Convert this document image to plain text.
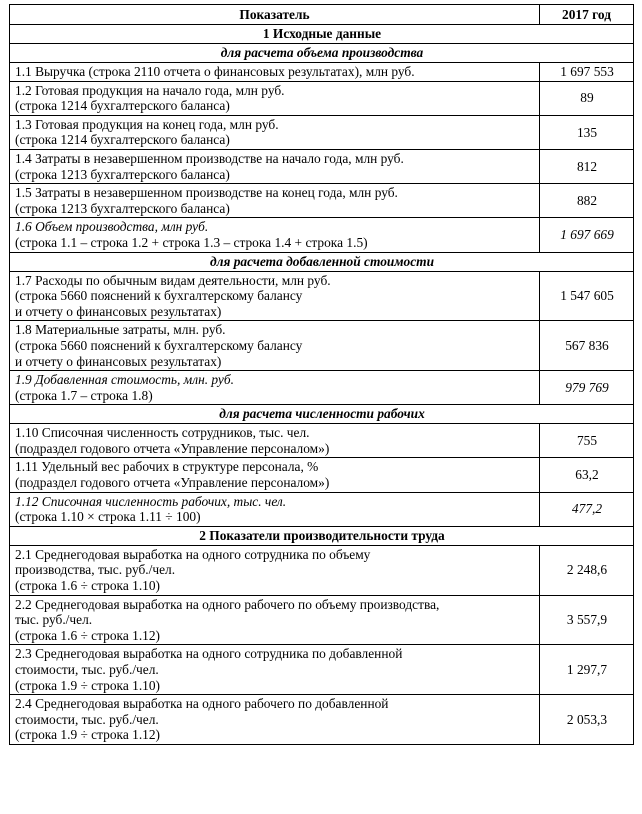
Показатель	2017 год
1 Исходные данные	
для расчета объема производства	

1.1 Выручка (строка 2110 отчета о финансовых результатах), млн руб.	1 697 553

1.2 Готовая продукция на начало года, млн руб.
(строка 1214 бухгалтерского баланса)	89

1.3 Готовая продукция на конец года, млн руб.
(строка 1214 бухгалтерского баланса)	135

1.4 Затраты в незавершенном производстве на начало года, млн руб.
(строка 1213 бухгалтерского баланса)	812

1.5 Затраты в незавершенном производстве на конец года, млн руб.
(строка 1213 бухгалтерского баланса)	882

1.6 Объем производства, млн руб.
(строка 1.1 – строка 1.2 + строка 1.3 – строка 1.4 + строка 1.5)	1 697 669
для расчета добавленной стоимости	

1.7 Расходы по обычным видам деятельности, млн руб.
(строка 5660 пояснений к бухгалтерскому балансу
и отчету о финансовых результатах)	1 547 605

1.8 Материальные затраты, млн. руб.
(строка 5660 пояснений к бухгалтерскому балансу
и отчету о финансовых результатах)	567 836

1.9 Добавленная стоимость, млн. руб.
(строка 1.7 – строка 1.8)	979 769
для расчета численности рабочих	

1.10 Списочная численность сотрудников, тыс. чел.
(подраздел годового отчета «Управление персоналом»)	755

1.11 Удельный вес рабочих в структуре персонала, %
(подраздел годового отчета «Управление персоналом»)	63,2

1.12 Списочная численность рабочих, тыс. чел.
(строка 1.10 × строка 1.11 ÷ 100)	477,2
2 Показатели производительности труда	

2.1 Среднегодовая выработка на одного сотрудника по объему
производства, тыс. руб./чел.
(строка 1.6 ÷ строка 1.10)	2 248,6

2.2 Среднегодовая выработка на одного рабочего по объему производства,
тыс. руб./чел.
(строка 1.6 ÷ строка 1.12)	3 557,9

2.3 Среднегодовая выработка на одного сотрудника по добавленной
стоимости, тыс. руб./чел.
(строка 1.9 ÷ строка 1.10)	1 297,7

2.4 Среднегодовая выработка на одного рабочего по добавленной
стоимости, тыс. руб./чел.
(строка 1.9 ÷ строка 1.12)	2 053,3
